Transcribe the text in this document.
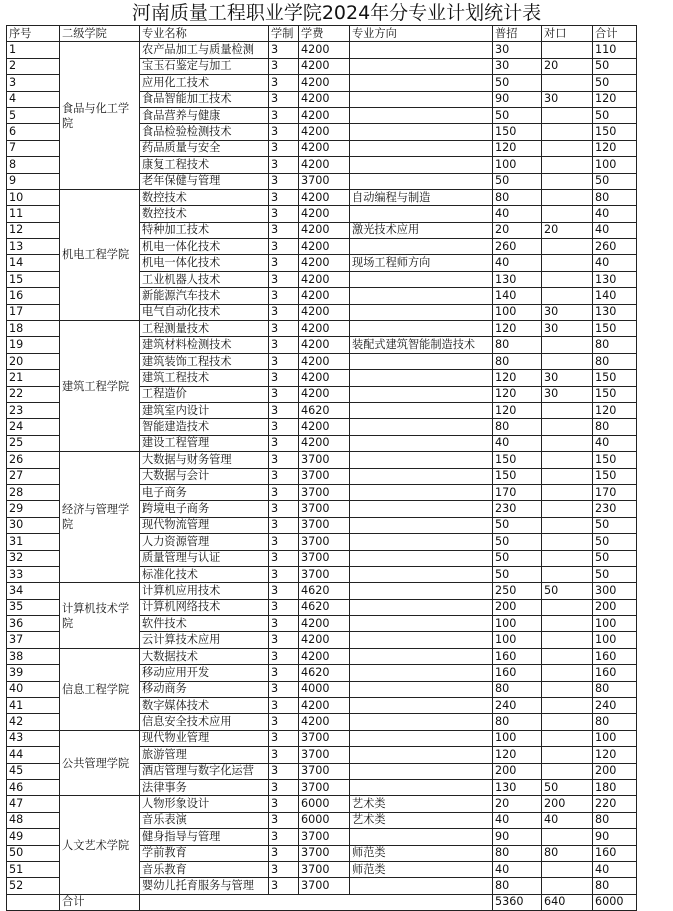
河南质量工程职业学院2024年分专业计划统计表
序号	二级学院	专业名称	学制	学费	专业方向	普招	对口	合计
1	食品与化工学院	农产品加工与质量检测	3	4200		30		110
2		宝玉石鉴定与加工	3	4200		30	20	50
3		应用化工技术	3	4200		50		50
4		食品智能加工技术	3	4200		90	30	120
5		食品营养与健康	3	4200		50		50
6		食品检验检测技术	3	4200		150		150
7		药品质量与安全	3	4200		120		120
8		康复工程技术	3	4200		100		100
9		老年保健与管理	3	3700		50		50
10	机电工程学院	数控技术	3	4200	自动编程与制造	80		80
11		数控技术	3	4200		40		40
12		特种加工技术	3	4200	激光技术应用	20	20	40
13		机电一体化技术	3	4200		260		260
14		机电一体化技术	3	4200	现场工程师方向	40		40
15		工业机器人技术	3	4200		130		130
16		新能源汽车技术	3	4200		140		140
17		电气自动化技术	3	4200		100	30	130
18	建筑工程学院	工程测量技术	3	4200		120	30	150
19		建筑材料检测技术	3	4200	装配式建筑智能制造技术	80		80
20		建筑装饰工程技术	3	4200		80		80
21		建筑工程技术	3	4200		120	30	150
22		工程造价	3	4200		120	30	150
23		建筑室内设计	3	4620		120		120
24		智能建造技术	3	4200		80		80
25		建设工程管理	3	4200		40		40
26	经济与管理学院	大数据与财务管理	3	3700		150		150
27		大数据与会计	3	3700		150		150
28		电子商务	3	3700		170		170
29		跨境电子商务	3	3700		230		230
30		现代物流管理	3	3700		50		50
31		人力资源管理	3	3700		50		50
32		质量管理与认证	3	3700		50		50
33		标准化技术	3	3700		50		50
34	计算机技术学院	计算机应用技术	3	4620		250	50	300
35		计算机网络技术	3	4620		200		200
36		软件技术	3	4200		100		100
37		云计算技术应用	3	4200		100		100
38	信息工程学院	大数据技术	3	4200		160		160
39		移动应用开发	3	4620		160		160
40		移动商务	3	4000		80		80
41		数字媒体技术	3	4200		240		240
42		信息安全技术应用	3	4200		80		80
43	公共管理学院	现代物业管理	3	3700		100		100
44		旅游管理	3	3700		120		120
45		酒店管理与数字化运营	3	3700		200		200
46		法律事务	3	3700		130	50	180
47	人文艺术学院	人物形象设计	3	6000	艺术类	20	200	220
48		音乐表演	3	6000	艺术类	40	40	80
49		健身指导与管理	3	3700		90		90
50		学前教育	3	3700	师范类	80	80	160
51		音乐教育	3	3700	师范类	40		40
52		婴幼儿托育服务与管理	3	3700		80		80
	合计					5360	640	6000
